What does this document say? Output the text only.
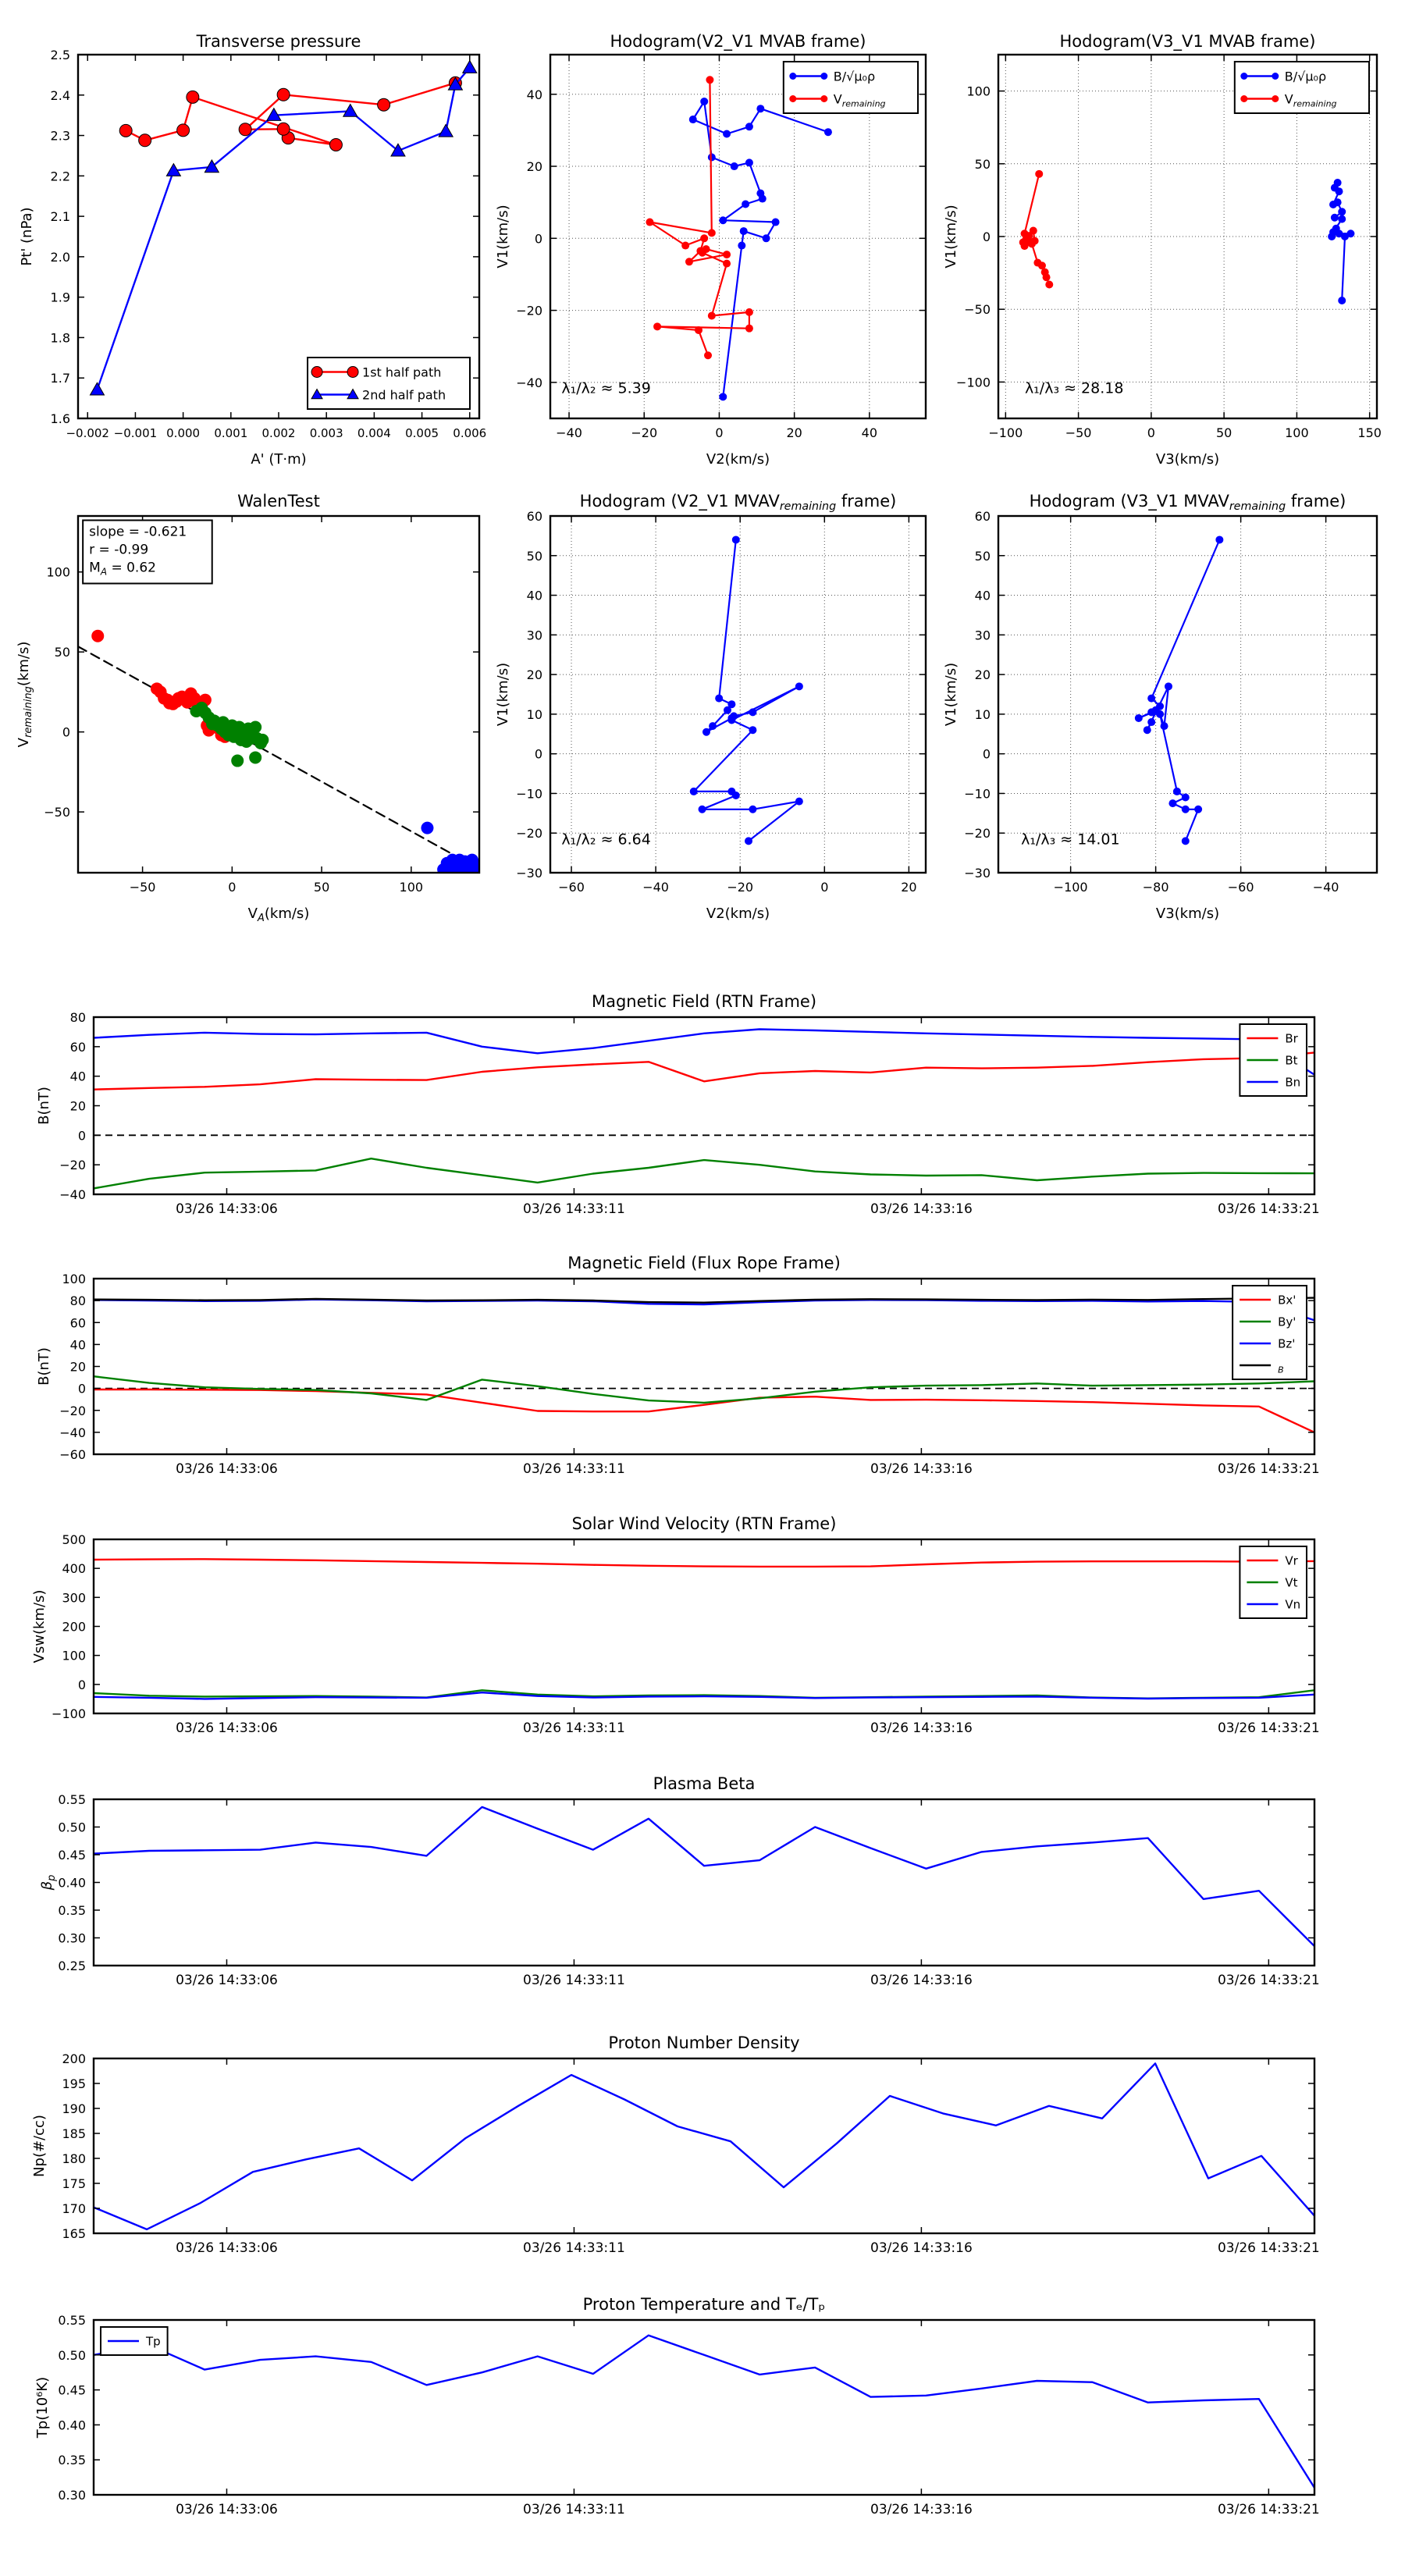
Transverse pressure	Hodogram(V2_V1 MVAB frame)	Hodogram(V3_V1 MVAB frame)
WalenTest	Hodogram (V2_V1 MVAVremaining frame)	Hodogram (V3_V1 MVAVremaining frame)
Magnetic Field (RTN Frame)
Magnetic Field (Flux Rope Frame)
Solar Wind Velocity (RTN Frame)
Plasma Beta
Proton Number Density
Proton Temperature and Tₑ/Tₚ
−0.002 −0.001 0.000 0.001 0.002 0.003 0.004 0.005 0.006
1.6
1.7
1.8
1.9
2.0
2.1
2.2
2.3
2.4
2.5
A' (T·m)
Pt' (nPa)
1st half path
2nd half path
−40	−20	0	20	40
−40
−20
0
20
40
V2(km/s)
V1(km/s)
B/√μ₀ρ
$V_{remaining}$
λ₁/λ₂ ≈ 5.39
−100	−50	0	50	100	150
−100
−50
0
50
100
V3(km/s)
V1(km/s)
B/√μ₀ρ
$V_{remaining}$
λ₁/λ₃ ≈ 28.18
−50	0	50	100
−50
0
50
100
$V_A(km/s)$
$V_{remaining}(km/s)$
slope = -0.621
r = -0.99
$M_A = 0.62$
−60	−40	−20	0	20
−30
−20
−10
0
10
20
30
40
50
60
V2(km/s)
V1(km/s)
λ₁/λ₂ ≈ 6.64
−100	−80	−60	−40
−30
−20
−10
0
10
20
30
40
50
60
V3(km/s)
V1(km/s)
λ₁/λ₃ ≈ 14.01
03/26 14:33:06	03/26 14:33:11	03/26 14:33:16	03/26 14:33:21
−40
−20
0
20
40
60
80
B(nT)
Br
Bt
Bn
03/26 14:33:06	03/26 14:33:11	03/26 14:33:16	03/26 14:33:21
−60
−40
−20
0
20
40
60
80
100
B(nT)
Bx'
By'
Bz'
$_B$
03/26 14:33:06	03/26 14:33:11	03/26 14:33:16	03/26 14:33:21
−100
0
100
200
300
400
500
Vsw(km/s)
Vr
Vt
Vn
03/26 14:33:06	03/26 14:33:11	03/26 14:33:16	03/26 14:33:21
0.25
0.30
0.35
0.40
0.45
0.50
0.55
$\beta_p$
03/26 14:33:06	03/26 14:33:11	03/26 14:33:16	03/26 14:33:21
165
170
175
180
185
190
195
200
Np(#/cc)
03/26 14:33:06	03/26 14:33:11	03/26 14:33:16	03/26 14:33:21
0.30
0.35
0.40
0.45
0.50
0.55
Tp(10⁶K)
Tp
